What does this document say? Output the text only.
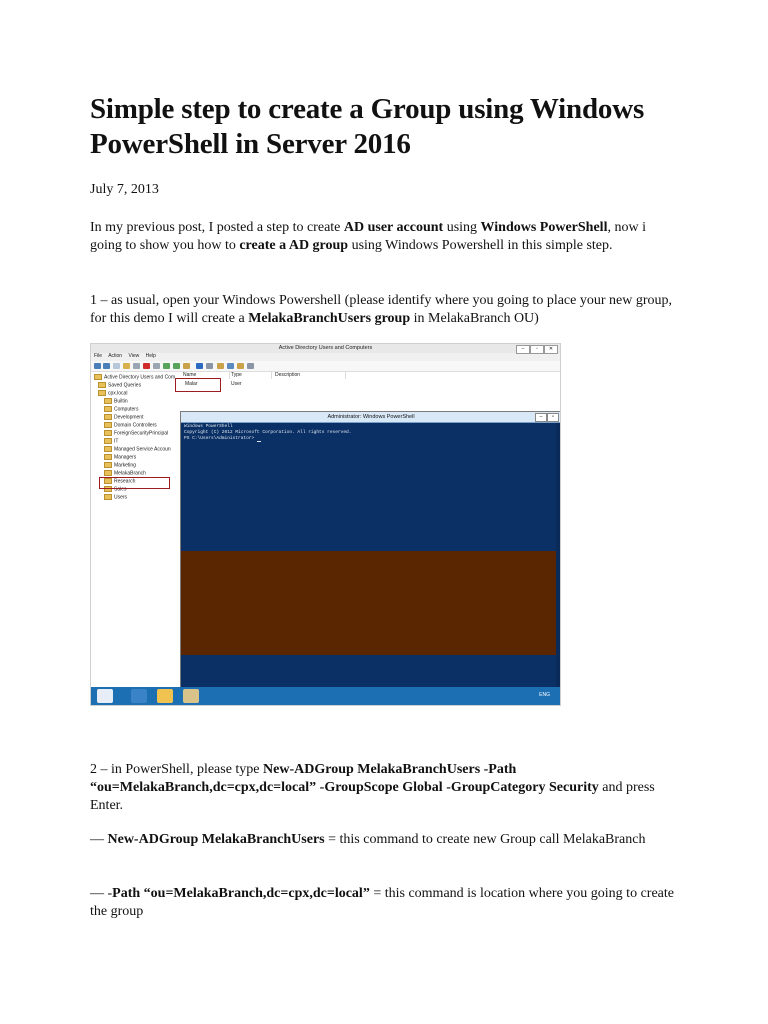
Simple step to create a Group using Windows PowerShell in Server 2016
July 7, 2013

In my previous post, I posted a step to create AD user account using Windows PowerShell, now i going to show you how to create a AD group using Windows Powershell in this simple step.

1 – as usual, open your Windows Powershell (please identify where you going to place your new group, for this demo I will create a MelakaBranchUsers group in MelakaBranch OU)

2 – in PowerShell, please type New-ADGroup MelakaBranchUsers -Path “ou=MelakaBranch,dc=cpx,dc=local” -GroupScope Global -GroupCategory Security and press Enter.

— New-ADGroup MelakaBranchUsers = this command to create new Group call MelakaBranch

— -Path “ou=MelakaBranch,dc=cpx,dc=local” = this command is location where you going to create the group

Active Directory Users and Computers	–	▫	✕
File Action View Help
Active Directory Users and Com
Saved Queries
cpx.local
Builtin
Computers
Development
Domain Controllers
ForeignSecurityPrincipal
IT
Managed Service Accoun
Managers
Marketing
MelakaBranch
Research
Sales
Users
Name	Type	Description
Malar	User
Administrator: Windows PowerShell	–	▫
Windows PowerShell
Copyright (C) 2012 Microsoft Corporation. All rights reserved.
PS C:\Users\Administrator>
ENG
